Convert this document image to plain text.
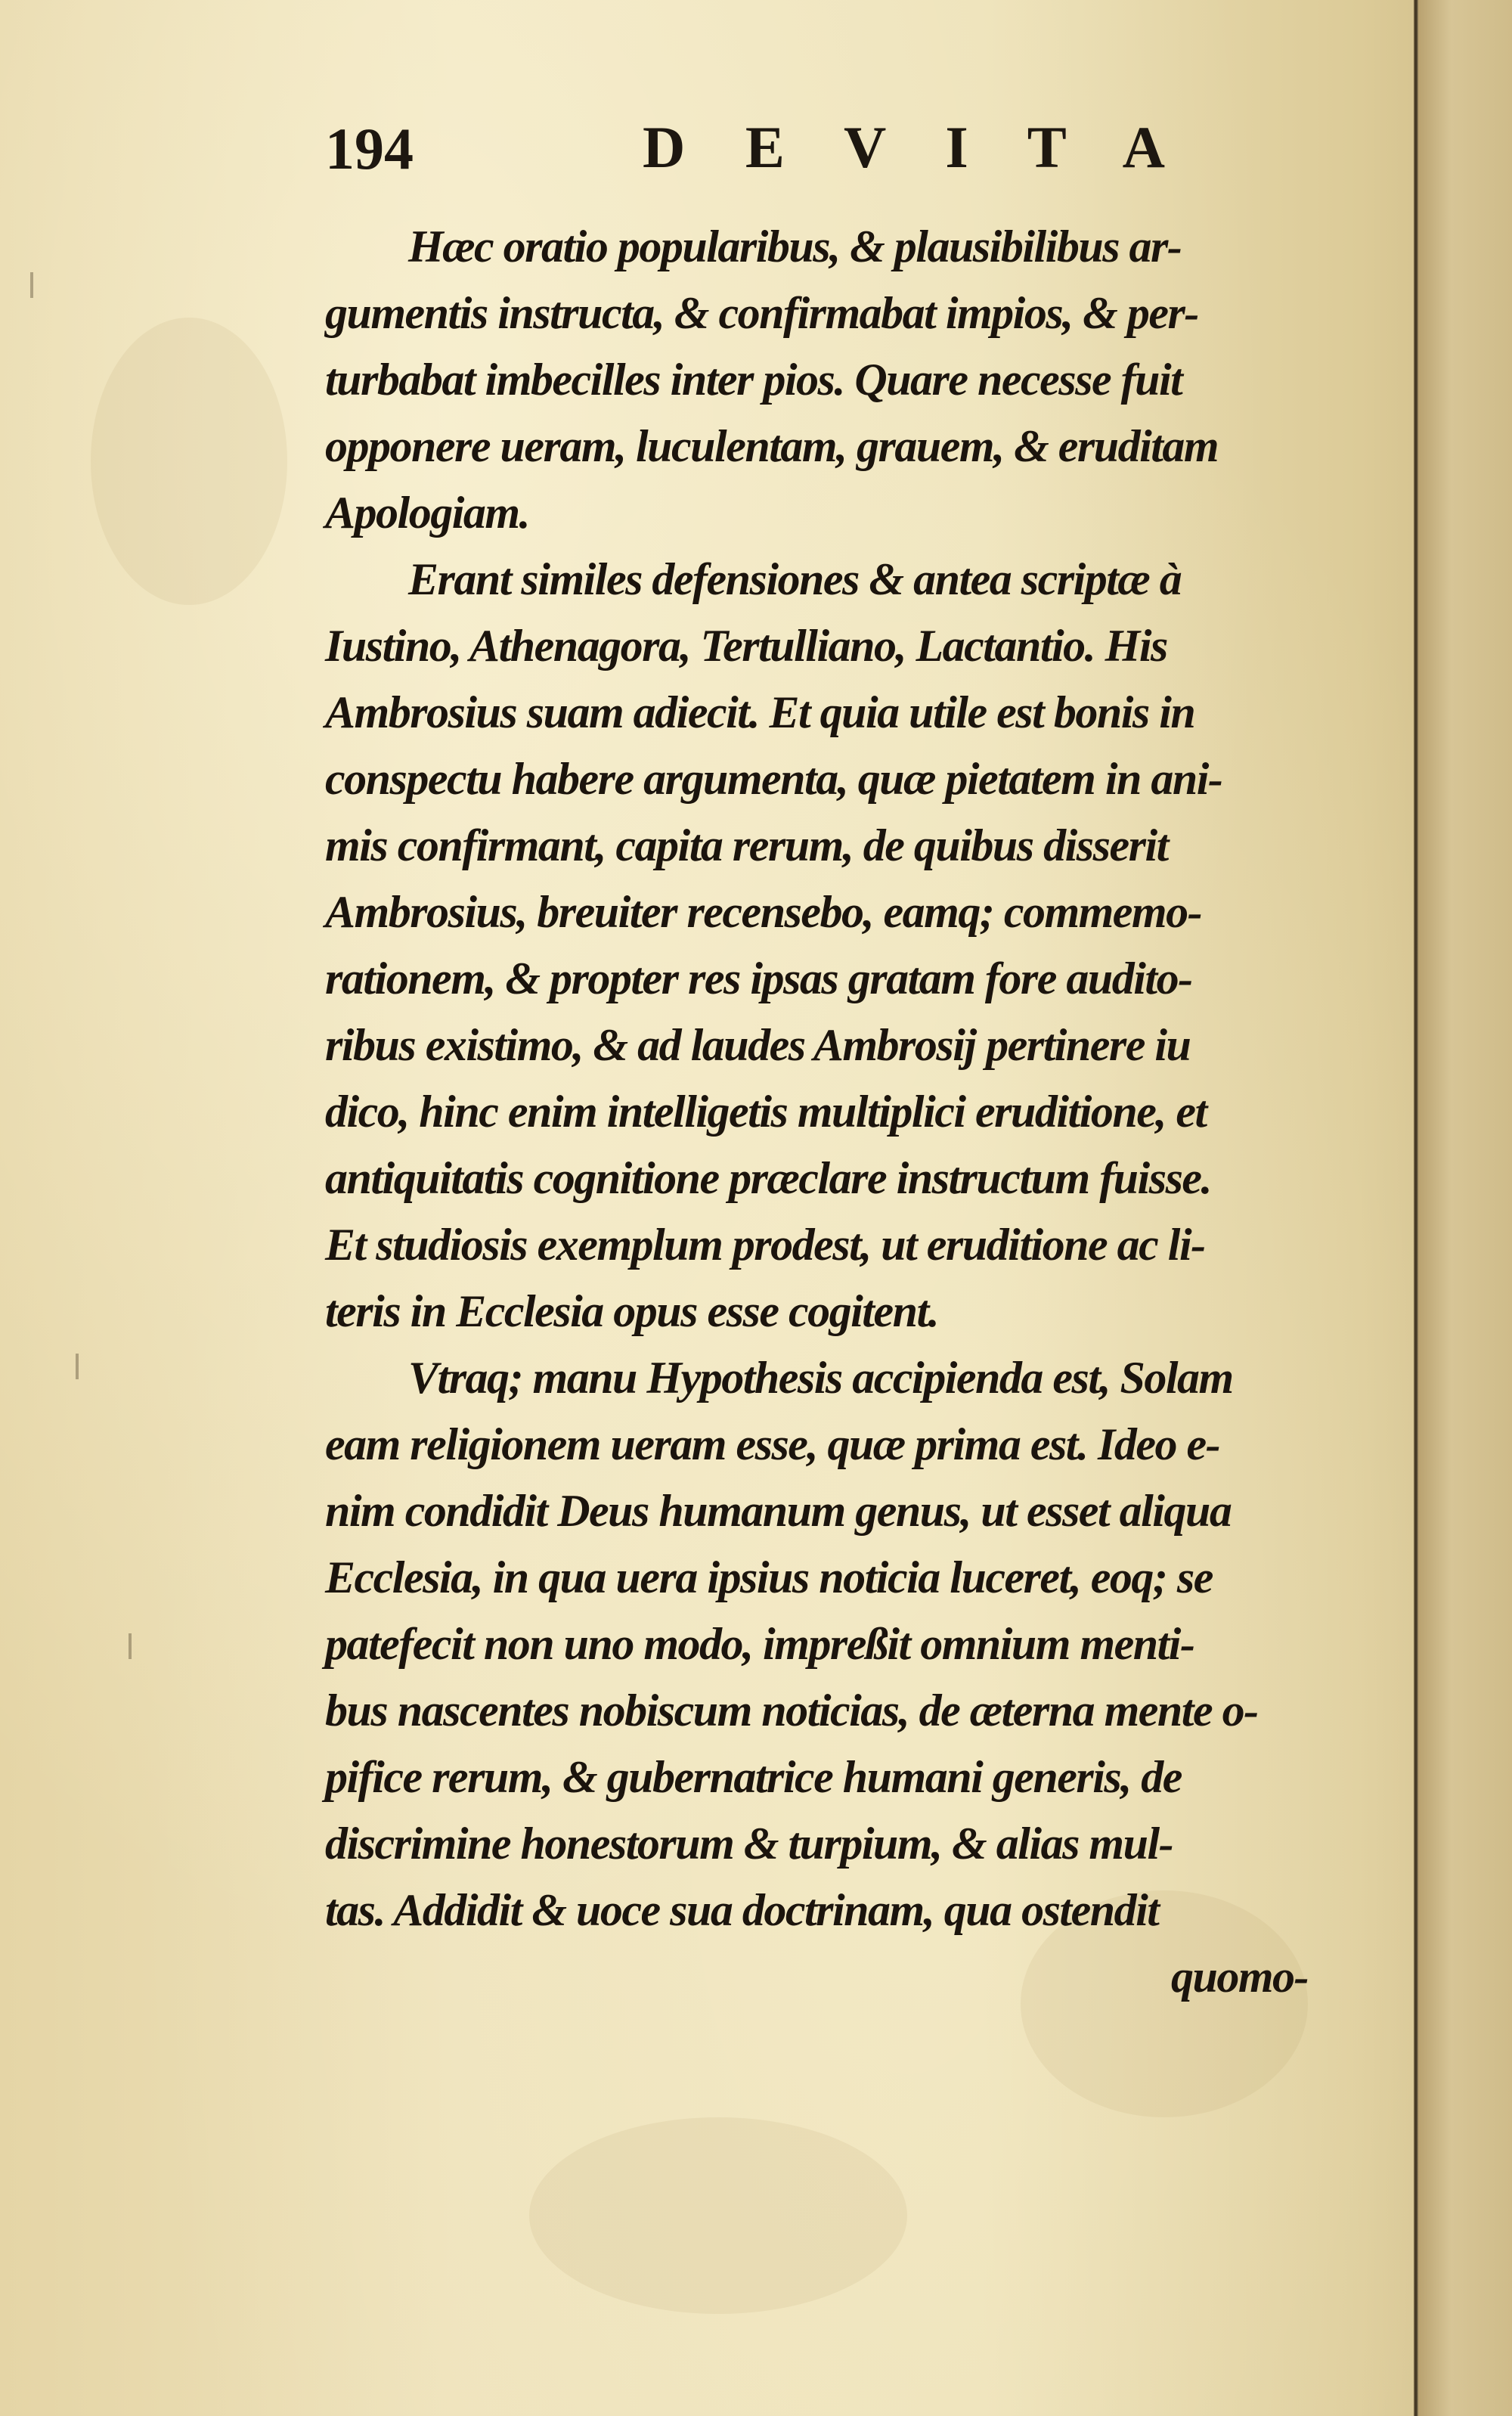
194	D E V I T A
Hæc oratio popularibus, & plausibilibus ar-
gumentis instructa, & confirmabat impios, & per-
turbabat imbecilles inter pios. Quare necesse fuit
opponere ueram, luculentam, grauem, & eruditam
Apologiam.
Erant similes defensiones & antea scriptæ à
Iustino, Athenagora, Tertulliano, Lactantio. His
Ambrosius suam adiecit. Et quia utile est bonis in
conspectu habere argumenta, quæ pietatem in ani-
mis confirmant, capita rerum, de quibus disserit
Ambrosius, breuiter recensebo, eamq; commemo-
rationem, & propter res ipsas gratam fore audito-
ribus existimo, & ad laudes Ambrosij pertinere iu
dico, hinc enim intelligetis multiplici eruditione, et
antiquitatis cognitione præclare instructum fuisse.
Et studiosis exemplum prodest, ut eruditione ac li-
teris in Ecclesia opus esse cogitent.
Vtraq; manu Hypothesis accipienda est, Solam
eam religionem ueram esse, quæ prima est. Ideo e-
nim condidit Deus humanum genus, ut esset aliqua
Ecclesia, in qua uera ipsius noticia luceret, eoq; se
patefecit non uno modo, impreßit omnium menti-
bus nascentes nobiscum noticias, de æterna mente o-
pifice rerum, & gubernatrice humani generis, de
discrimine honestorum & turpium, & alias mul-
tas. Addidit & uoce sua doctrinam, qua ostendit
quomo-
